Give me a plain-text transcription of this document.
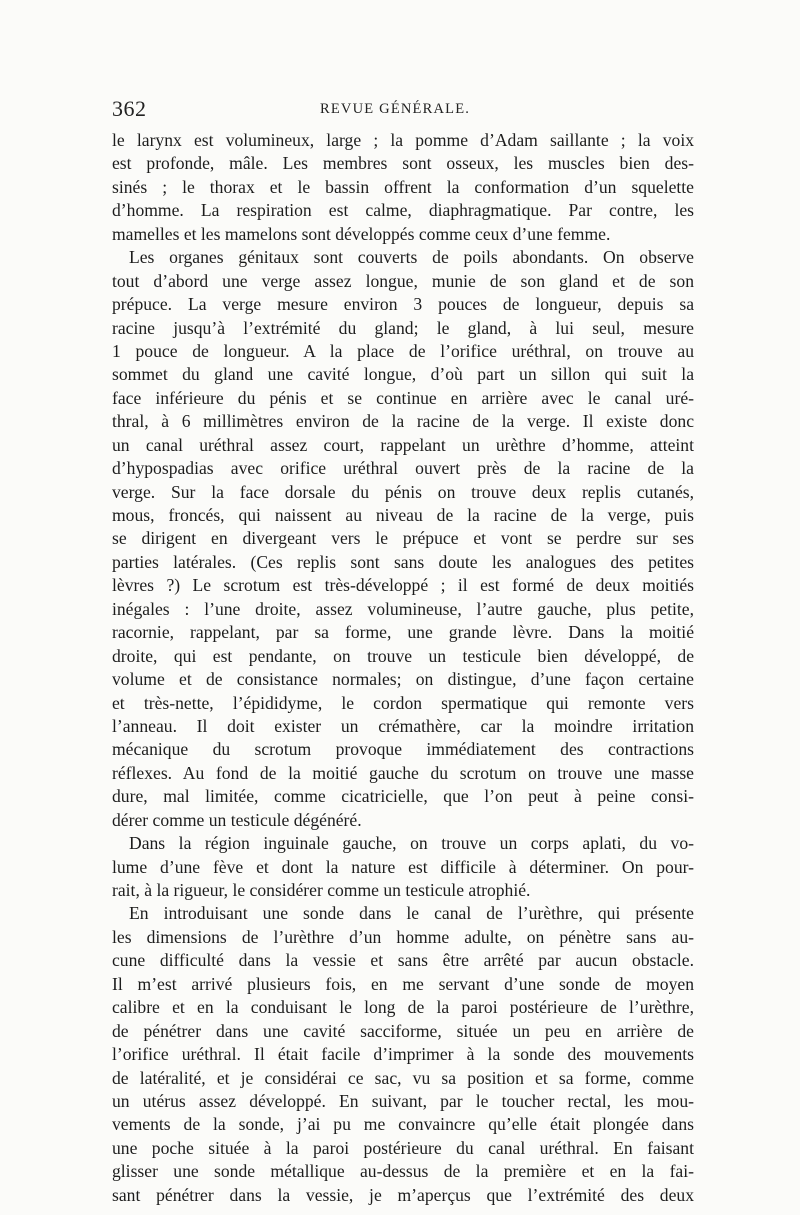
362	REVUE GÉNÉRALE.
le larynx est volumineux, large ; la pomme d’Adam saillante ; la voix
est profonde, mâle. Les membres sont osseux, les muscles bien des-
sinés ; le thorax et le bassin offrent la conformation d’un squelette
d’homme. La respiration est calme, diaphragmatique. Par contre, les
mamelles et les mamelons sont développés comme ceux d’une femme.
Les organes génitaux sont couverts de poils abondants. On observe
tout d’abord une verge assez longue, munie de son gland et de son
prépuce. La verge mesure environ 3 pouces de longueur, depuis sa
racine jusqu’à l’extrémité du gland; le gland, à lui seul, mesure
1 pouce de longueur. A la place de l’orifice uréthral, on trouve au
sommet du gland une cavité longue, d’où part un sillon qui suit la
face inférieure du pénis et se continue en arrière avec le canal uré-
thral, à 6 millimètres environ de la racine de la verge. Il existe donc
un canal uréthral assez court, rappelant un urèthre d’homme, atteint
d’hypospadias avec orifice uréthral ouvert près de la racine de la
verge. Sur la face dorsale du pénis on trouve deux replis cutanés,
mous, froncés, qui naissent au niveau de la racine de la verge, puis
se dirigent en divergeant vers le prépuce et vont se perdre sur ses
parties latérales. (Ces replis sont sans doute les analogues des petites
lèvres ?) Le scrotum est très-développé ; il est formé de deux moitiés
inégales : l’une droite, assez volumineuse, l’autre gauche, plus petite,
racornie, rappelant, par sa forme, une grande lèvre. Dans la moitié
droite, qui est pendante, on trouve un testicule bien développé, de
volume et de consistance normales; on distingue, d’une façon certaine
et très-nette, l’épididyme, le cordon spermatique qui remonte vers
l’anneau. Il doit exister un crémathère, car la moindre irritation
mécanique du scrotum provoque immédiatement des contractions
réflexes. Au fond de la moitié gauche du scrotum on trouve une masse
dure, mal limitée, comme cicatricielle, que l’on peut à peine consi-
dérer comme un testicule dégénéré.
Dans la région inguinale gauche, on trouve un corps aplati, du vo-
lume d’une fève et dont la nature est difficile à déterminer. On pour-
rait, à la rigueur, le considérer comme un testicule atrophié.
En introduisant une sonde dans le canal de l’urèthre, qui présente
les dimensions de l’urèthre d’un homme adulte, on pénètre sans au-
cune difficulté dans la vessie et sans être arrêté par aucun obstacle.
Il m’est arrivé plusieurs fois, en me servant d’une sonde de moyen
calibre et en la conduisant le long de la paroi postérieure de l’urèthre,
de pénétrer dans une cavité sacciforme, située un peu en arrière de
l’orifice uréthral. Il était facile d’imprimer à la sonde des mouvements
de latéralité, et je considérai ce sac, vu sa position et sa forme, comme
un utérus assez développé. En suivant, par le toucher rectal, les mou-
vements de la sonde, j’ai pu me convaincre qu’elle était plongée dans
une poche située à la paroi postérieure du canal uréthral. En faisant
glisser une sonde métallique au-dessus de la première et en la fai-
sant pénétrer dans la vessie, je m’aperçus que l’extrémité des deux
